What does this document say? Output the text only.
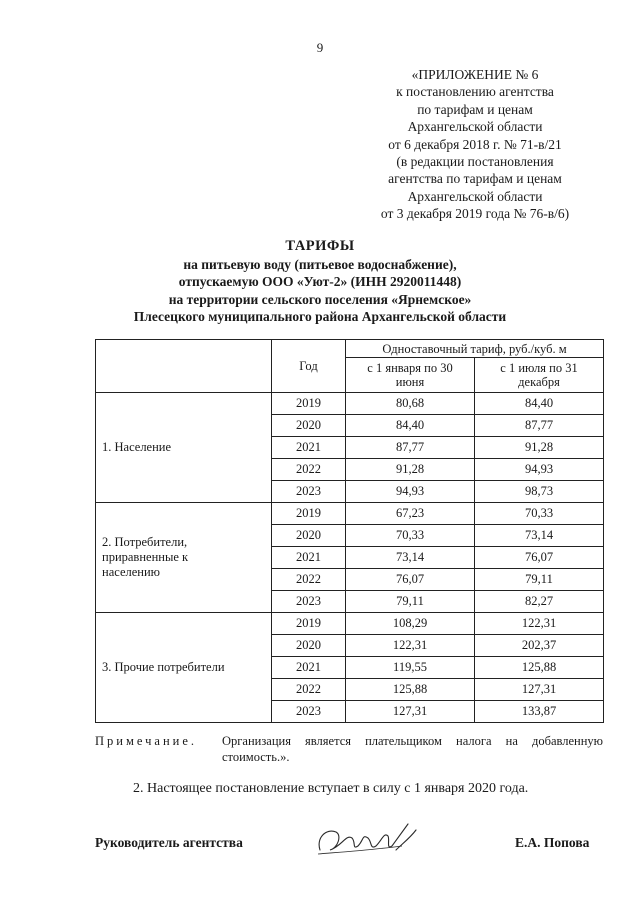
9
«ПРИЛОЖЕНИЕ № 6
к постановлению агентства
по тарифам и ценам
Архангельской области
от 6 декабря 2018 г. № 71-в/21
(в редакции постановления
агентства по тарифам и ценам
Архангельской области
от 3 декабря 2019 года № 76-в/6)
ТАРИФЫ
на питьевую воду (питьевое водоснабжение),
отпускаемую ООО «Уют-2» (ИНН 2920011448)
на территории сельского поселения «Ярнемское»
Плесецкого муниципального района Архангельской области
	Год	Одноставочный тариф, руб./куб. м	
		с 1 января по 30 июня	с 1 июля по 31 декабря
1. Население	2019	80,68	84,40
	2020	84,40	87,77
	2021	87,77	91,28
	2022	91,28	94,93
	2023	94,93	98,73
2. Потребители, приравненные к населению	2019	67,23	70,33
	2020	70,33	73,14
	2021	73,14	76,07
	2022	76,07	79,11
	2023	79,11	82,27
3. Прочие потребители	2019	108,29	122,31
	2020	122,31	202,37
	2021	119,55	125,88
	2022	125,88	127,31
	2023	127,31	133,87
Примечание. Организация является плательщиком налога на добавленную стоимость.».
2. Настоящее постановление вступает в силу с 1 января 2020 года.
Руководитель агентства	Е.А. Попова
